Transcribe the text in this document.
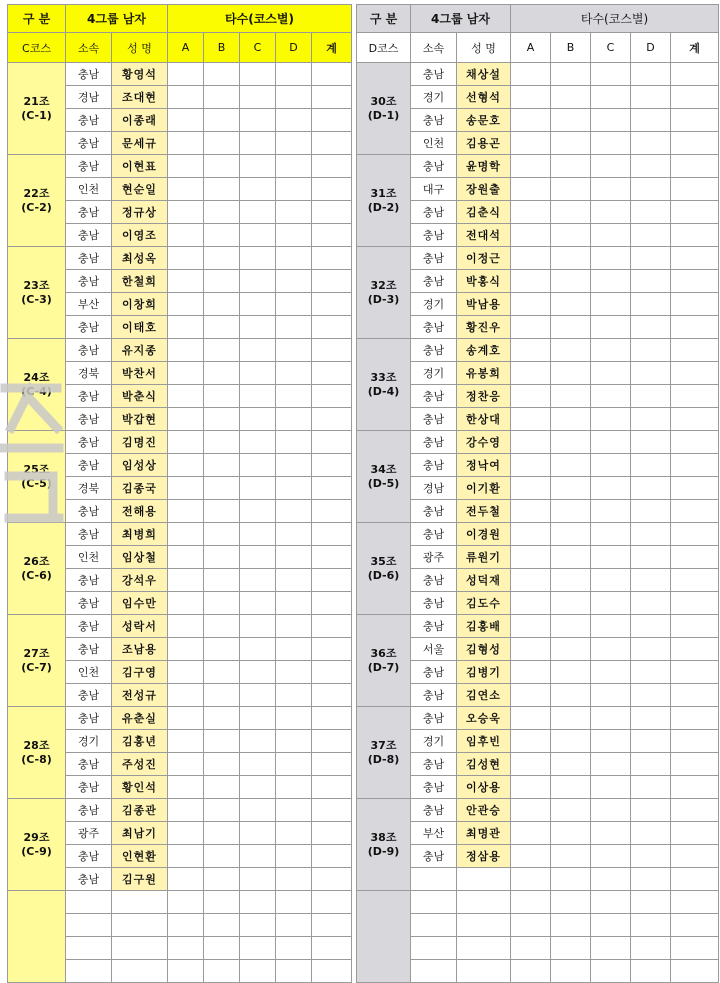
구 분	4그룹 남자		타수(코스별)				
C코스	소속	성 명	A	B	C	D	계

21조
(C-1)	충남	황영석					
	경남	조대현					
	충남	이종래					
	충남	문세규					

22조
(C-2)	충남	이현표					
	인천	현순일					
	충남	정규상					
	충남	이영조					

23조
(C-3)	충남	최성옥					
	충남	한철희					
	부산	이창희					
	충남	이태호					

24조
(C-4)	충남	유지종					
	경북	박찬서					
	충남	박춘식					
	충남	박갑현					

25조
(C-5)	충남	김명진					
	충남	임성상					
	경북	김종국					
	충남	전해용					

26조
(C-6)	충남	최병희					
	인천	임상철					
	충남	강석우					
	충남	임수만					

27조
(C-7)	충남	성락서					
	충남	조남용					
	인천	김구영					
	충남	전성규					

28조
(C-8)	충남	유춘실					
	경기	김홍년					
	충남	주성진					
	충남	황인석					

29조
(C-9)	충남	김종관					
	광주	최남기					
	충남	인현환					
	충남	김구원					

구 분	4그룹 남자		타수(코스별)				
D코스	소속	성 명	A	B	C	D	계

30조
(D-1)	충남	채상설					
	경기	선형석					
	충남	송문호					
	인천	김용곤					

31조
(D-2)	충남	윤명학					
	대구	장원출					
	충남	김춘식					
	충남	전대석					

32조
(D-3)	충남	이정근					
	충남	박홍식					
	경기	박남용					
	충남	황진우					

33조
(D-4)	충남	송계호					
	경기	유봉희					
	충남	정찬응					
	충남	한상대					

34조
(D-5)	충남	강수영					
	충남	정낙여					
	경남	이기환					
	충남	전두철					

35조
(D-6)	충남	이경원					
	광주	류원기					
	충남	성덕재					
	충남	김도수					

36조
(D-7)	충남	김홍배					
	서울	김형성					
	충남	김병기					
	충남	김연소					

37조
(D-8)	충남	오승욱					
	경기	임후빈					
	충남	김성현					
	충남	이상용					

38조
(D-9)	충남	안관승					
	부산	최명관					
	충남	정삼용					
